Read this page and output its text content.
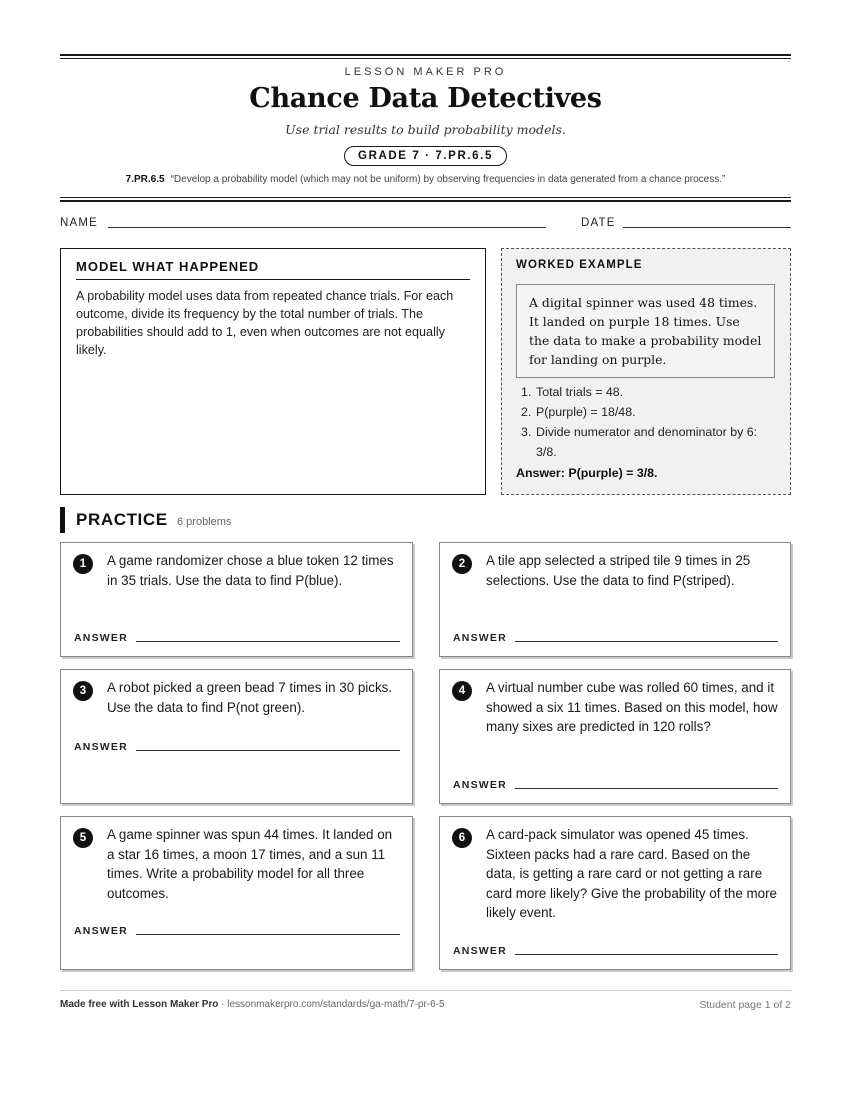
LESSON MAKER PRO
Chance Data Detectives
Use trial results to build probability models.
GRADE 7 · 7.PR.6.5
7.PR.6.5 “Develop a probability model (which may not be uniform) by observing frequencies in data generated from a chance process.”
NAME	DATE
MODEL WHAT HAPPENED
A probability model uses data from repeated chance trials. For each outcome, divide its frequency by the total number of trials. The probabilities should add to 1, even when outcomes are not equally likely.
WORKED EXAMPLE
A digital spinner was used 48 times. It landed on purple 18 times. Use the data to make a probability model for landing on purple.
1. Total trials = 48.
2. P(purple) = 18/48.
3. Divide numerator and denominator by 6: 3/8.
Answer: P(purple) = 3/8.
PRACTICE 6 problems
1	A game randomizer chose a blue token 12 times in 35 trials. Use the data to find P(blue).
ANSWER
2	A tile app selected a striped tile 9 times in 25 selections. Use the data to find P(striped).
ANSWER
3	A robot picked a green bead 7 times in 30 picks. Use the data to find P(not green).
ANSWER
4	A virtual number cube was rolled 60 times, and it showed a six 11 times. Based on this model, how many sixes are predicted in 120 rolls?
ANSWER
5	A game spinner was spun 44 times. It landed on a star 16 times, a moon 17 times, and a sun 11 times. Write a probability model for all three outcomes.
ANSWER
6	A card-pack simulator was opened 45 times. Sixteen packs had a rare card. Based on the data, is getting a rare card or not getting a rare card more likely? Give the probability of the more likely event.
ANSWER
Made free with Lesson Maker Pro · lessonmakerpro.com/standards/ga-math/7-pr-6-5	Student page 1 of 2
